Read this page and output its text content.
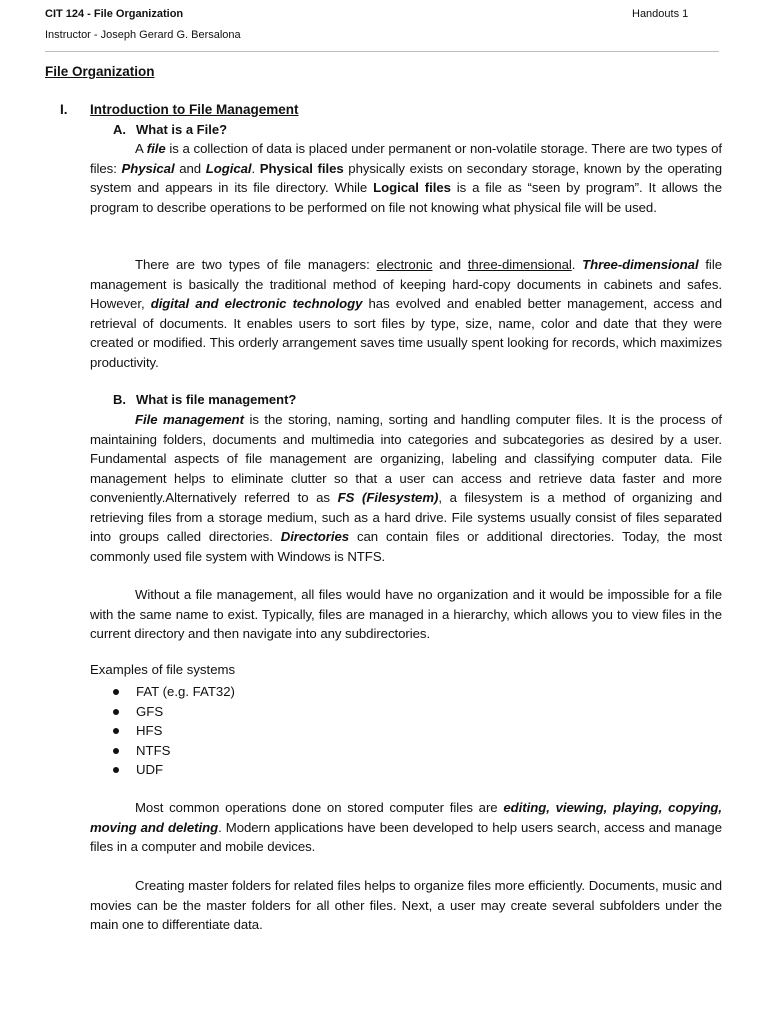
CIT 124 - File Organization	Handouts 1
Instructor - Joseph Gerard G. Bersalona
File Organization
I. Introduction to File Management
A. What is a File?

A file is a collection of data is placed under permanent or non-volatile storage. There are two types of files: Physical and Logical. Physical files physically exists on secondary storage, known by the operating system and appears in its file directory. While Logical files is a file as “seen by program”. It allows the program to describe operations to be performed on file not knowing what physical file will be used.

There are two types of file managers: electronic and three-dimensional. Three-dimensional file management is basically the traditional method of keeping hard-copy documents in cabinets and safes. However, digital and electronic technology has evolved and enabled better management, access and retrieval of documents. It enables users to sort files by type, size, name, color and date that they were created or modified. This orderly arrangement saves time usually spent looking for records, which maximizes productivity.

B. What is file management?

File management is the storing, naming, sorting and handling computer files. It is the process of maintaining folders, documents and multimedia into categories and subcategories as desired by a user. Fundamental aspects of file management are organizing, labeling and classifying computer data. File management helps to eliminate clutter so that a user can access and retrieve data faster and more conveniently.Alternatively referred to as FS (Filesystem), a filesystem is a method of organizing and retrieving files from a storage medium, such as a hard drive. File systems usually consist of files separated into groups called directories. Directories can contain files or additional directories. Today, the most commonly used file system with Windows is NTFS.

Without a file management, all files would have no organization and it would be impossible for a file with the same name to exist. Typically, files are managed in a hierarchy, which allows you to view files in the current directory and then navigate into any subdirectories.

Examples of file systems
FAT (e.g. FAT32)
GFS
HFS
NTFS
UDF

Most common operations done on stored computer files are editing, viewing, playing, copying, moving and deleting. Modern applications have been developed to help users search, access and manage files in a computer and mobile devices.

Creating master folders for related files helps to organize files more efficiently. Documents, music and movies can be the master folders for all other files. Next, a user may create several subfolders under the main one to differentiate data.
